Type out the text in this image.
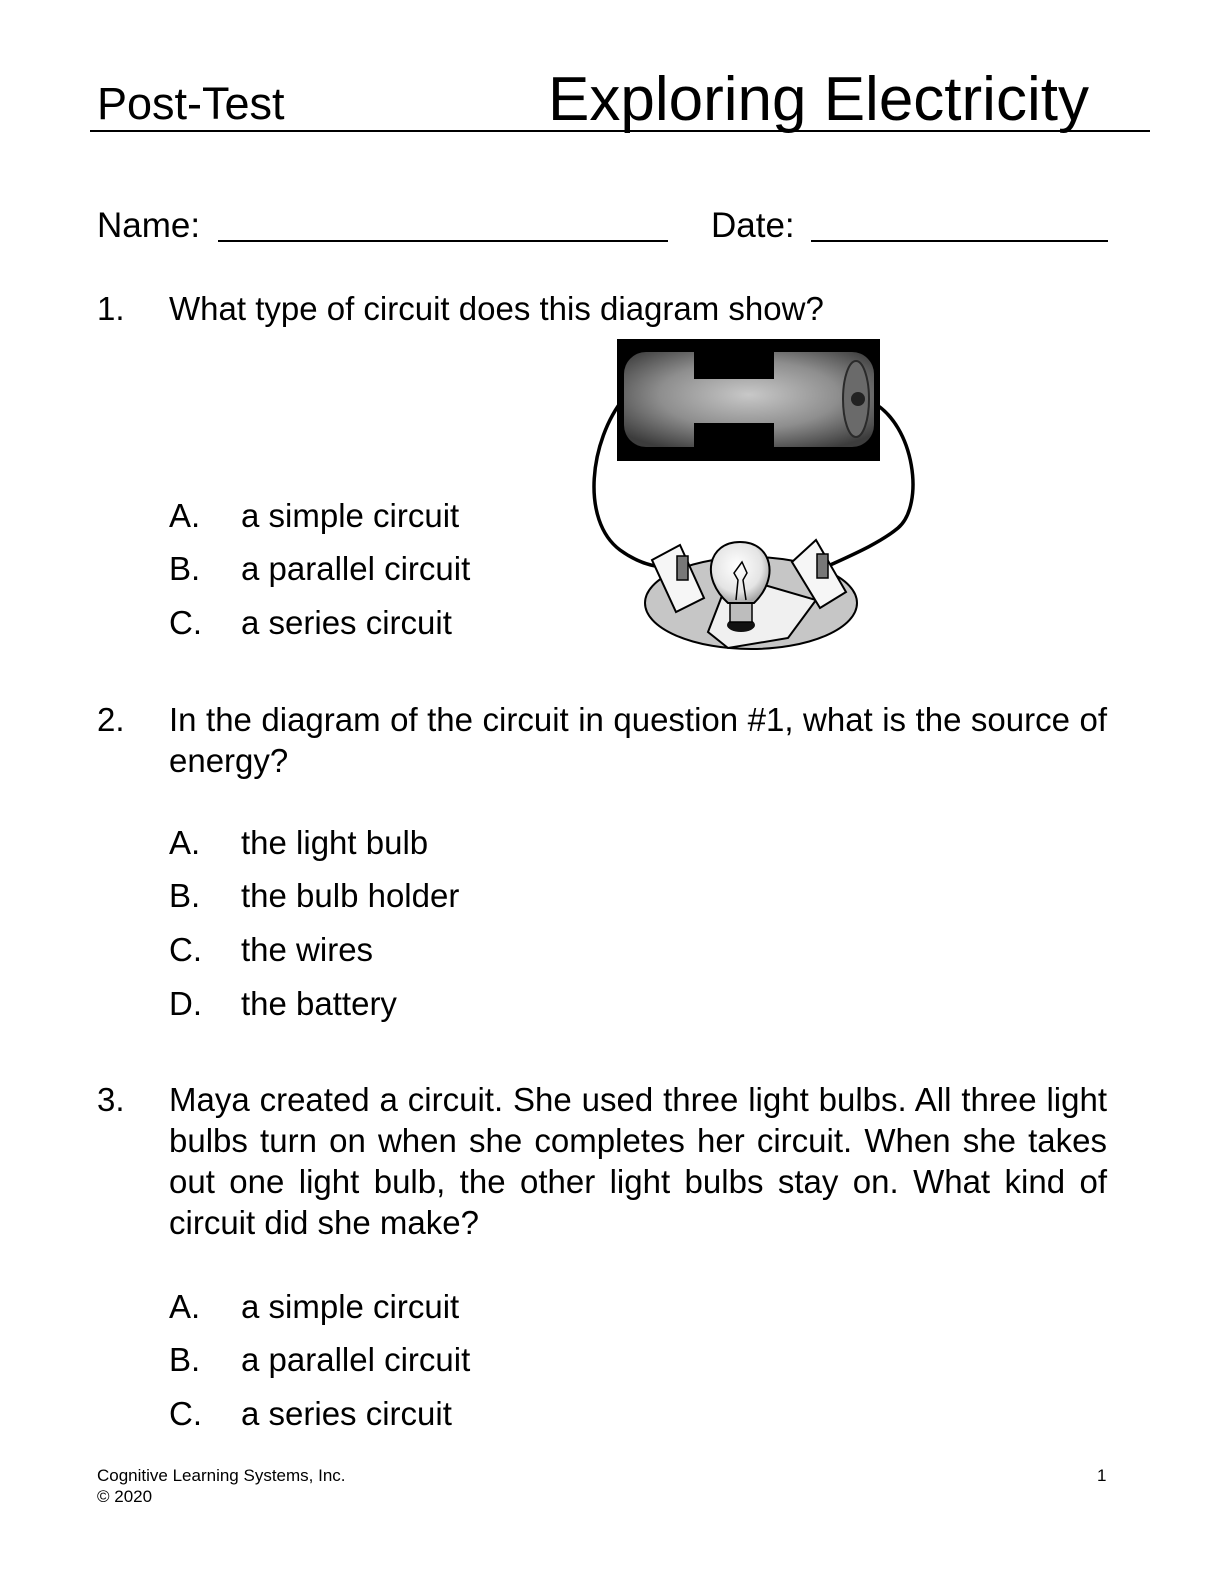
Post-Test	Exploring Electricity
Name:	Date:
1. What type of circuit does this diagram show?
A. a simple circuit
B. a parallel circuit
C. a series circuit
2. In the diagram of the circuit in question #1, what is the source of energy?
A. the light bulb
B. the bulb holder
C. the wires
D. the battery
3. Maya created a circuit. She used three light bulbs. All three light bulbs turn on when she completes her circuit. When she takes out one light bulb, the other light bulbs stay on. What kind of circuit did she make?
A. a simple circuit
B. a parallel circuit
C. a series circuit
Cognitive Learning Systems, Inc.
© 2020
1
